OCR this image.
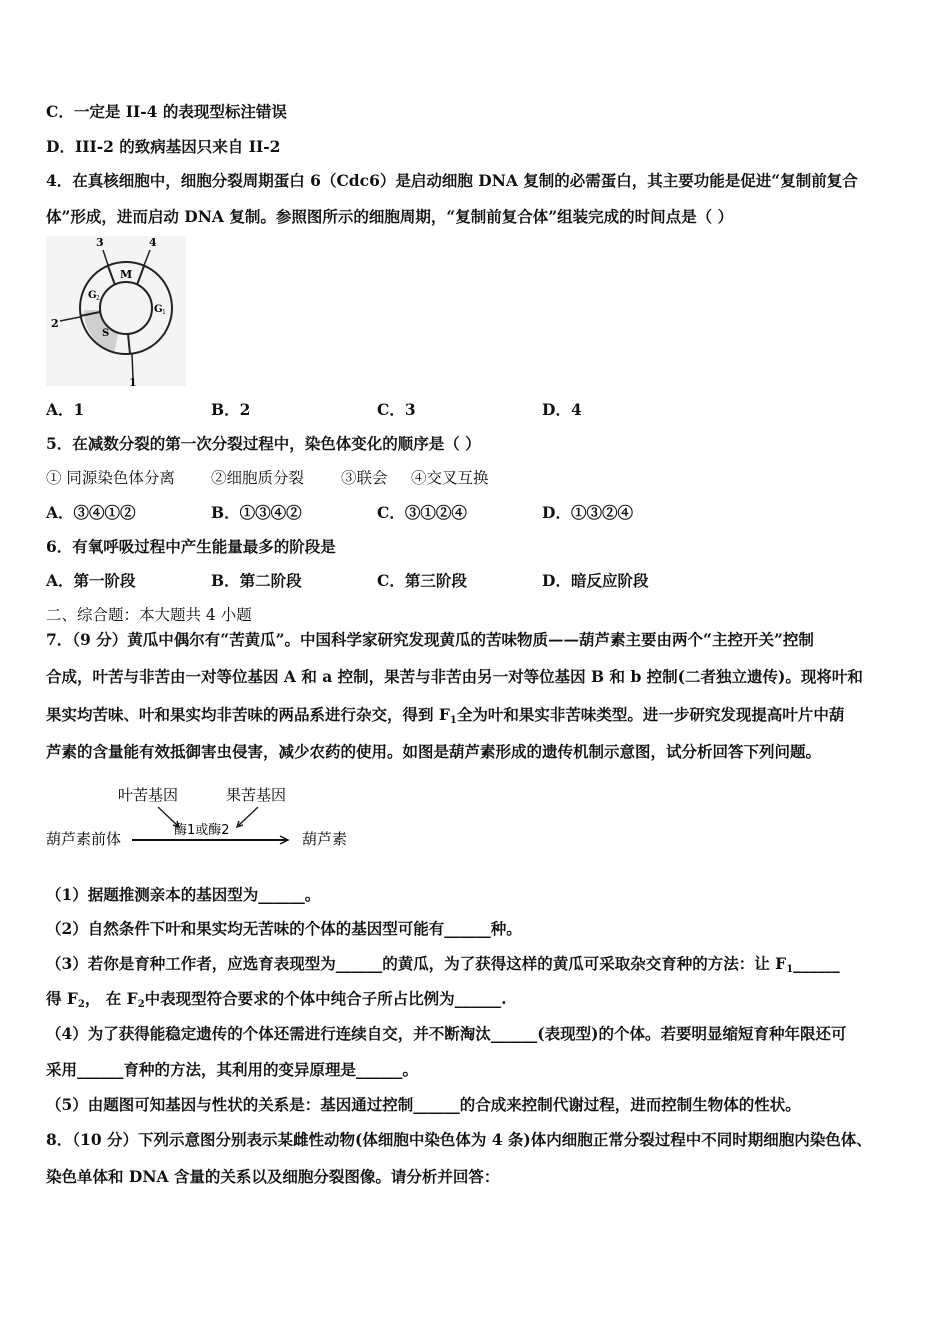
C．一定是 II-4 的表现型标注错误
D．III-2 的致病基因只来自 II-2
4．在真核细胞中，细胞分裂周期蛋白 6（Cdc6）是启动细胞 DNA 复制的必需蛋白，其主要功能是促进“复制前复合
体”形成，进而启动 DNA 复制。参照图所示的细胞周期，“复制前复合体”组装完成的时间点是（ ）
3	4
2
1
M
G 2
G 1
S
A．1	B．2	C．3	D．4
5．在减数分裂的第一次分裂过程中，染色体变化的顺序是（ ）
① 同源染色体分离 ②细胞质分裂 ③联会 ④交叉互换
A．③④①②	B．①③④②	C．③①②④	D．①③②④
6．有氧呼吸过程中产生能量最多的阶段是
A．第一阶段	B．第二阶段	C．第三阶段	D．暗反应阶段
二、综合题：本大题共 4 小题
7．（9 分）黄瓜中偶尔有“苦黄瓜”。中国科学家研究发现黄瓜的苦味物质——葫芦素主要由两个“主控开关”控制
合成，叶苦与非苦由一对等位基因 A 和 a 控制，果苦与非苦由另一对等位基因 B 和 b 控制(二者独立遗传)。现将叶和
果实均苦味、叶和果实均非苦味的两品系进行杂交，得到 $F_1$全为叶和果实非苦味类型。进一步研究发现提高叶片中葫
芦素的含量能有效抵御害虫侵害，减少农药的使用。如图是葫芦素形成的遗传机制示意图，试分析回答下列问题。
叶苦基因	果苦基因
酶1或酶2
葫芦素前体	葫芦素
（1）据题推测亲本的基因型为______。
（2）自然条件下叶和果实均无苦味的个体的基因型可能有______种。
（3）若你是育种工作者，应选育表现型为______的黄瓜，为了获得这样的黄瓜可采取杂交育种的方法：让 $F_1\_\_\_\_\_\_$
得 $F_2$， 在 $F_2$中表现型符合要求的个体中纯合子所占比例为______.
（4）为了获得能稳定遗传的个体还需进行连续自交，并不断淘汰______(表现型)的个体。若要明显缩短育种年限还可
采用______育种的方法，其利用的变异原理是______。
（5）由题图可知基因与性状的关系是：基因通过控制______的合成来控制代谢过程，进而控制生物体的性状。
8．（10 分）下列示意图分别表示某雌性动物(体细胞中染色体为 4 条)体内细胞正常分裂过程中不同时期细胞内染色体、
染色单体和 DNA 含量的关系以及细胞分裂图像。请分析并回答：
